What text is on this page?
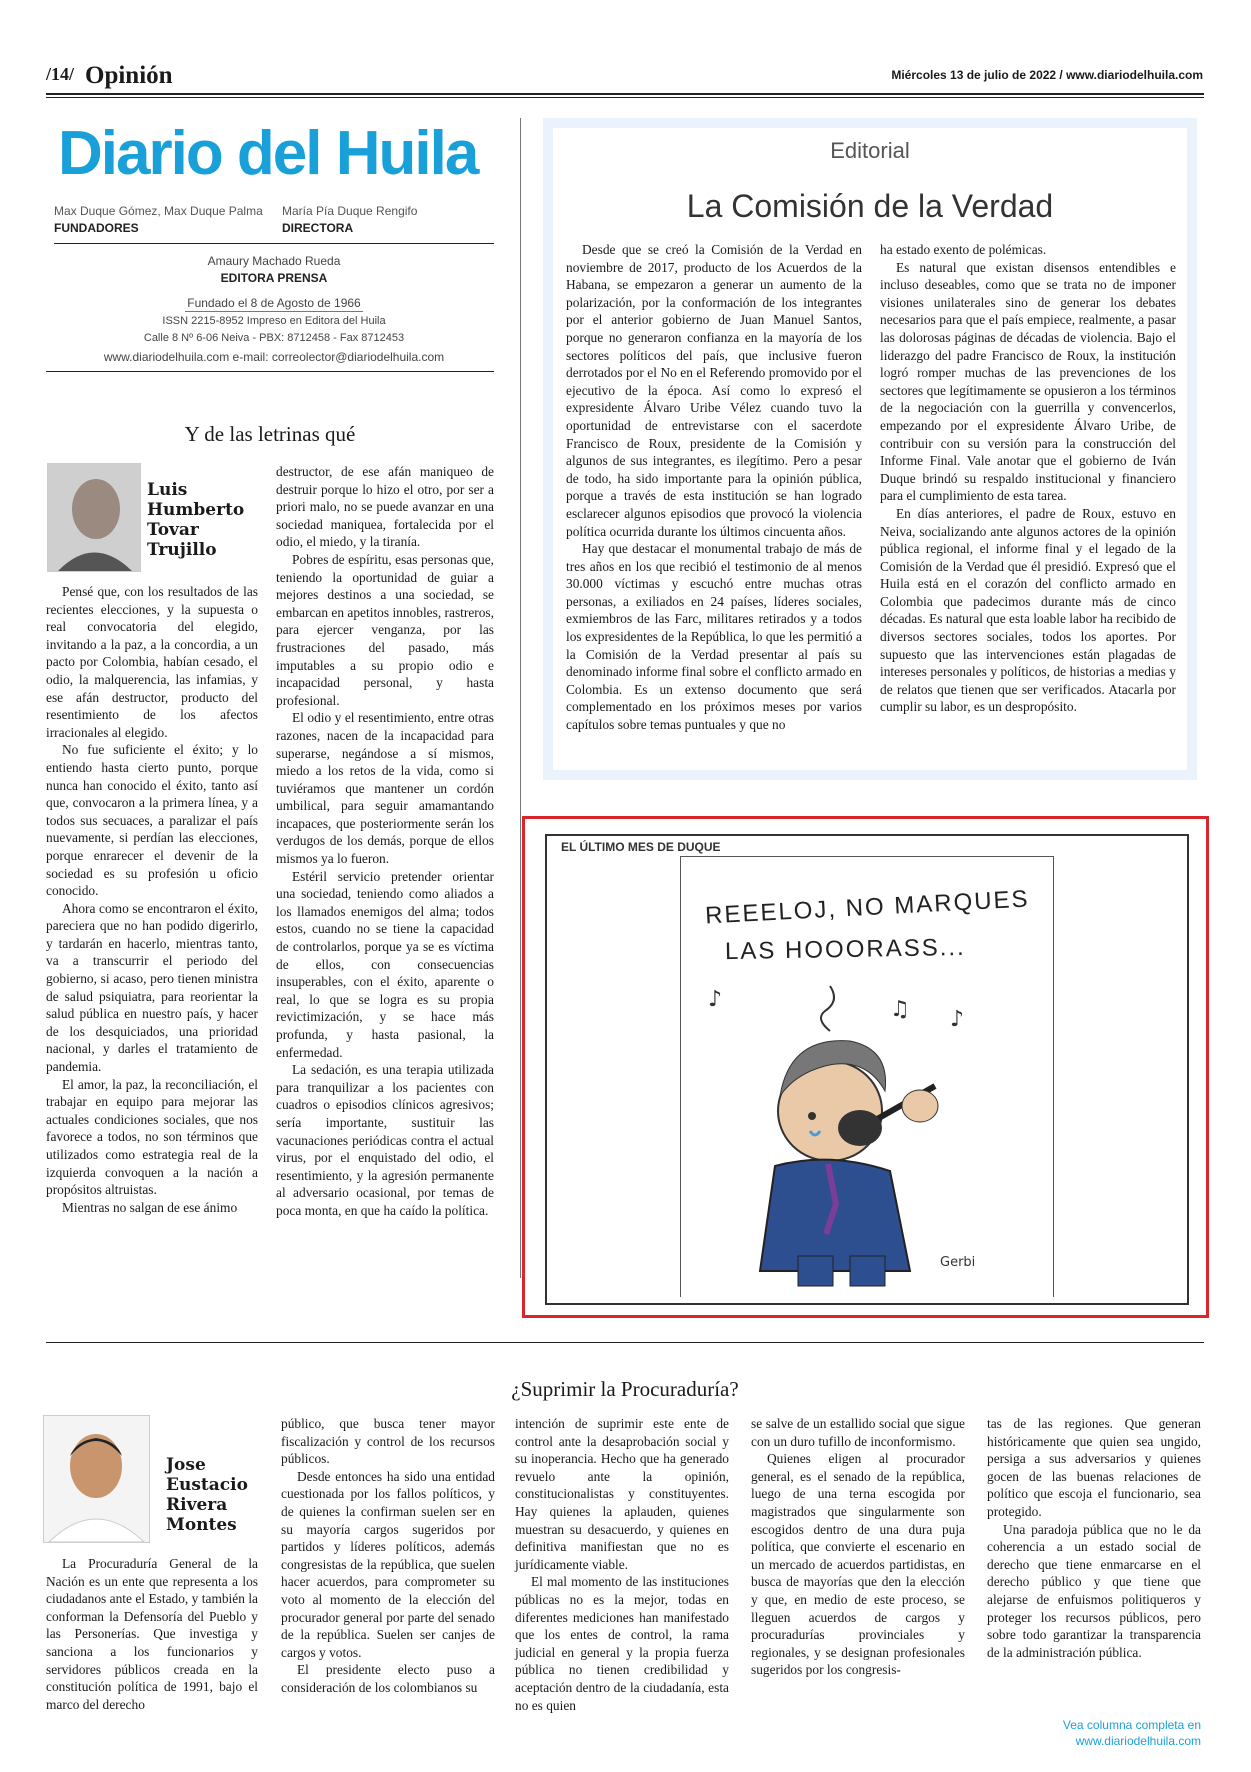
/14/ Opinión	Miércoles 13 de julio de 2022 / www.diariodelhuila.com
Diario del Huila
Max Duque Gómez, Max Duque Palma
FUNDADORES
María Pía Duque Rengifo
DIRECTORA
Amaury Machado Rueda
EDITORA PRENSA
Fundado el 8 de Agosto de 1966
ISSN 2215-8952 Impreso en Editora del Huila
Calle 8 Nº 6-06 Neiva - PBX: 8712458 - Fax 8712453
www.diariodelhuila.com e-mail: correolector@diariodelhuila.com
Y de las letrinas qué
Luis
Humberto
Tovar
Trujillo

Pensé que, con los resultados de las recientes elecciones, y la supuesta o real convocatoria del elegido, invitando a la paz, a la concordia, a un pacto por Colombia, habían cesado, el odio, la malquerencia, las infamias, y ese afán destructor, producto del resentimiento de los afectos irracionales al elegido.

No fue suficiente el éxito; y lo entiendo hasta cierto punto, porque nunca han conocido el éxito, tanto así que, convocaron a la primera línea, y a todos sus secuaces, a paralizar el país nuevamente, si perdían las elecciones, porque enrarecer el devenir de la sociedad es su profesión u oficio conocido.

Ahora como se encontraron el éxito, pareciera que no han podido digerirlo, y tardarán en hacerlo, mientras tanto, va a transcurrir el periodo del gobierno, si acaso, pero tienen ministra de salud psiquiatra, para reorientar la salud pública en nuestro país, y hacer de los desquiciados, una prioridad nacional, y darles el tratamiento de pandemia.

El amor, la paz, la reconciliación, el trabajar en equipo para mejorar las actuales condiciones sociales, que nos favorece a todos, no son términos que utilizados como estrategia real de la izquierda convoquen a la nación a propósitos altruistas.

Mientras no salgan de ese ánimo

destructor, de ese afán maniqueo de destruir porque lo hizo el otro, por ser a priori malo, no se puede avanzar en una sociedad maniquea, fortalecida por el odio, el miedo, y la tiranía.

Pobres de espíritu, esas personas que, teniendo la oportunidad de guiar a mejores destinos a una sociedad, se embarcan en apetitos innobles, rastreros, para ejercer venganza, por las frustraciones del pasado, más imputables a su propio odio e incapacidad personal, y hasta profesional.

El odio y el resentimiento, entre otras razones, nacen de la incapacidad para superarse, negándose a sí mismos, miedo a los retos de la vida, como si tuviéramos que mantener un cordón umbilical, para seguir amamantando incapaces, que posteriormente serán los verdugos de los demás, porque de ellos mismos ya lo fueron.

Estéril servicio pretender orientar una sociedad, teniendo como aliados a los llamados enemigos del alma; todos estos, cuando no se tiene la capacidad de controlarlos, porque ya se es víctima de ellos, con consecuencias insuperables, con el éxito, aparente o real, lo que se logra es su propia revictimización, y se hace más profunda, y hasta pasional, la enfermedad.

La sedación, es una terapia utilizada para tranquilizar a los pacientes con cuadros o episodios clínicos agresivos; sería importante, sustituir las vacunaciones periódicas contra el actual virus, por el enquistado del odio, el resentimiento, y la agresión permanente al adversario ocasional, por temas de poca monta, en que ha caído la política.

Editorial
La Comisión de la Verdad

Desde que se creó la Comisión de la Verdad en noviembre de 2017, producto de los Acuerdos de la Habana, se empezaron a generar un aumento de la polarización, por la conformación de los integrantes por el anterior gobierno de Juan Manuel Santos, porque no generaron confianza en la mayoría de los sectores políticos del país, que inclusive fueron derrotados por el No en el Referendo promovido por el ejecutivo de la época. Así como lo expresó el expresidente Álvaro Uribe Vélez cuando tuvo la oportunidad de entrevistarse con el sacerdote Francisco de Roux, presidente de la Comisión y algunos de sus integrantes, es ilegítimo. Pero a pesar de todo, ha sido importante para la opinión pública, porque a través de esta institución se han logrado esclarecer algunos episodios que provocó la violencia política ocurrida durante los últimos cincuenta años.

Hay que destacar el monumental trabajo de más de tres años en los que recibió el testimonio de al menos 30.000 víctimas y escuchó entre muchas otras personas, a exiliados en 24 países, líderes sociales, exmiembros de las Farc, militares retirados y a todos los expresidentes de la República, lo que les permitió a la Comisión de la Verdad presentar al país su denominado informe final sobre el conflicto armado en Colombia. Es un extenso documento que será complementado en los próximos meses por varios capítulos sobre temas puntuales y que no

ha estado exento de polémicas.

Es natural que existan disensos entendibles e incluso deseables, como que se trata no de imponer visiones unilaterales sino de generar los debates necesarios para que el país empiece, realmente, a pasar las dolorosas páginas de décadas de violencia. Bajo el liderazgo del padre Francisco de Roux, la institución logró romper muchas de las prevenciones de los sectores que legítimamente se opusieron a los términos de la negociación con la guerrilla y convencerlos, empezando por el expresidente Álvaro Uribe, de contribuir con su versión para la construcción del Informe Final. Vale anotar que el gobierno de Iván Duque brindó su respaldo institucional y financiero para el cumplimiento de esta tarea.

En días anteriores, el padre de Roux, estuvo en Neiva, socializando ante algunos actores de la opinión pública regional, el informe final y el legado de la Comisión de la Verdad que él presidió. Expresó que el Huila está en el corazón del conflicto armado en Colombia que padecimos durante más de cinco décadas. Es natural que esta loable labor ha recibido de diversos sectores sociales, todos los aportes. Por supuesto que las intervenciones están plagadas de intereses personales y políticos, de historias a medias y de relatos que tienen que ser verificados. Atacarla por cumplir su labor, es un despropósito.

EL ÚLTIMO MES DE DUQUE
REEELOJ, NO MARQUES
LAS HOOORASS...
♪	♫ ♪
Gerbi
¿Suprimir la Procuraduría?
Jose
Eustacio
Rivera
Montes

La Procuraduría General de la Nación es un ente que representa a los ciudadanos ante el Estado, y también la conforman la Defensoría del Pueblo y las Personerías. Que investiga y sanciona a los funcionarios y servidores públicos creada en la constitución política de 1991, bajo el marco del derecho

público, que busca tener mayor fiscalización y control de los recursos públicos.

Desde entonces ha sido una entidad cuestionada por los fallos políticos, y de quienes la confirman suelen ser en su mayoría cargos sugeridos por partidos y líderes políticos, además congresistas de la república, que suelen hacer acuerdos, para comprometer su voto al momento de la elección del procurador general por parte del senado de la república. Suelen ser canjes de cargos y votos.

El presidente electo puso a consideración de los colombianos su

intención de suprimir este ente de control ante la desaprobación social y su inoperancia. Hecho que ha generado revuelo ante la opinión, constitucionalistas y constituyentes. Hay quienes la aplauden, quienes muestran su desacuerdo, y quienes en definitiva manifiestan que no es jurídicamente viable.

El mal momento de las instituciones públicas no es la mejor, todas en diferentes mediciones han manifestado que los entes de control, la rama judicial en general y la propia fuerza pública no tienen credibilidad y aceptación dentro de la ciudadanía, esta no es quien

se salve de un estallido social que sigue con un duro tufillo de inconformismo.

Quienes eligen al procurador general, es el senado de la república, luego de una terna escogida por magistrados que singularmente son escogidos dentro de una dura puja política, que convierte el escenario en un mercado de acuerdos partidistas, en busca de mayorías que den la elección y que, en medio de este proceso, se lleguen acuerdos de cargos y procuradurías provinciales y regionales, y se designan profesionales sugeridos por los congresis-

tas de las regiones. Que generan históricamente que quien sea ungido, persiga a sus adversarios y quienes gocen de las buenas relaciones de político que escoja el funcionario, sea protegido.

Una paradoja pública que no le da coherencia a un estado social de derecho que tiene enmarcarse en el derecho público y que tiene que alejarse de enfuismos politiqueros y proteger los recursos públicos, pero sobre todo garantizar la transparencia de la administración pública.

Vea columna completa en
www.diariodelhuila.com
